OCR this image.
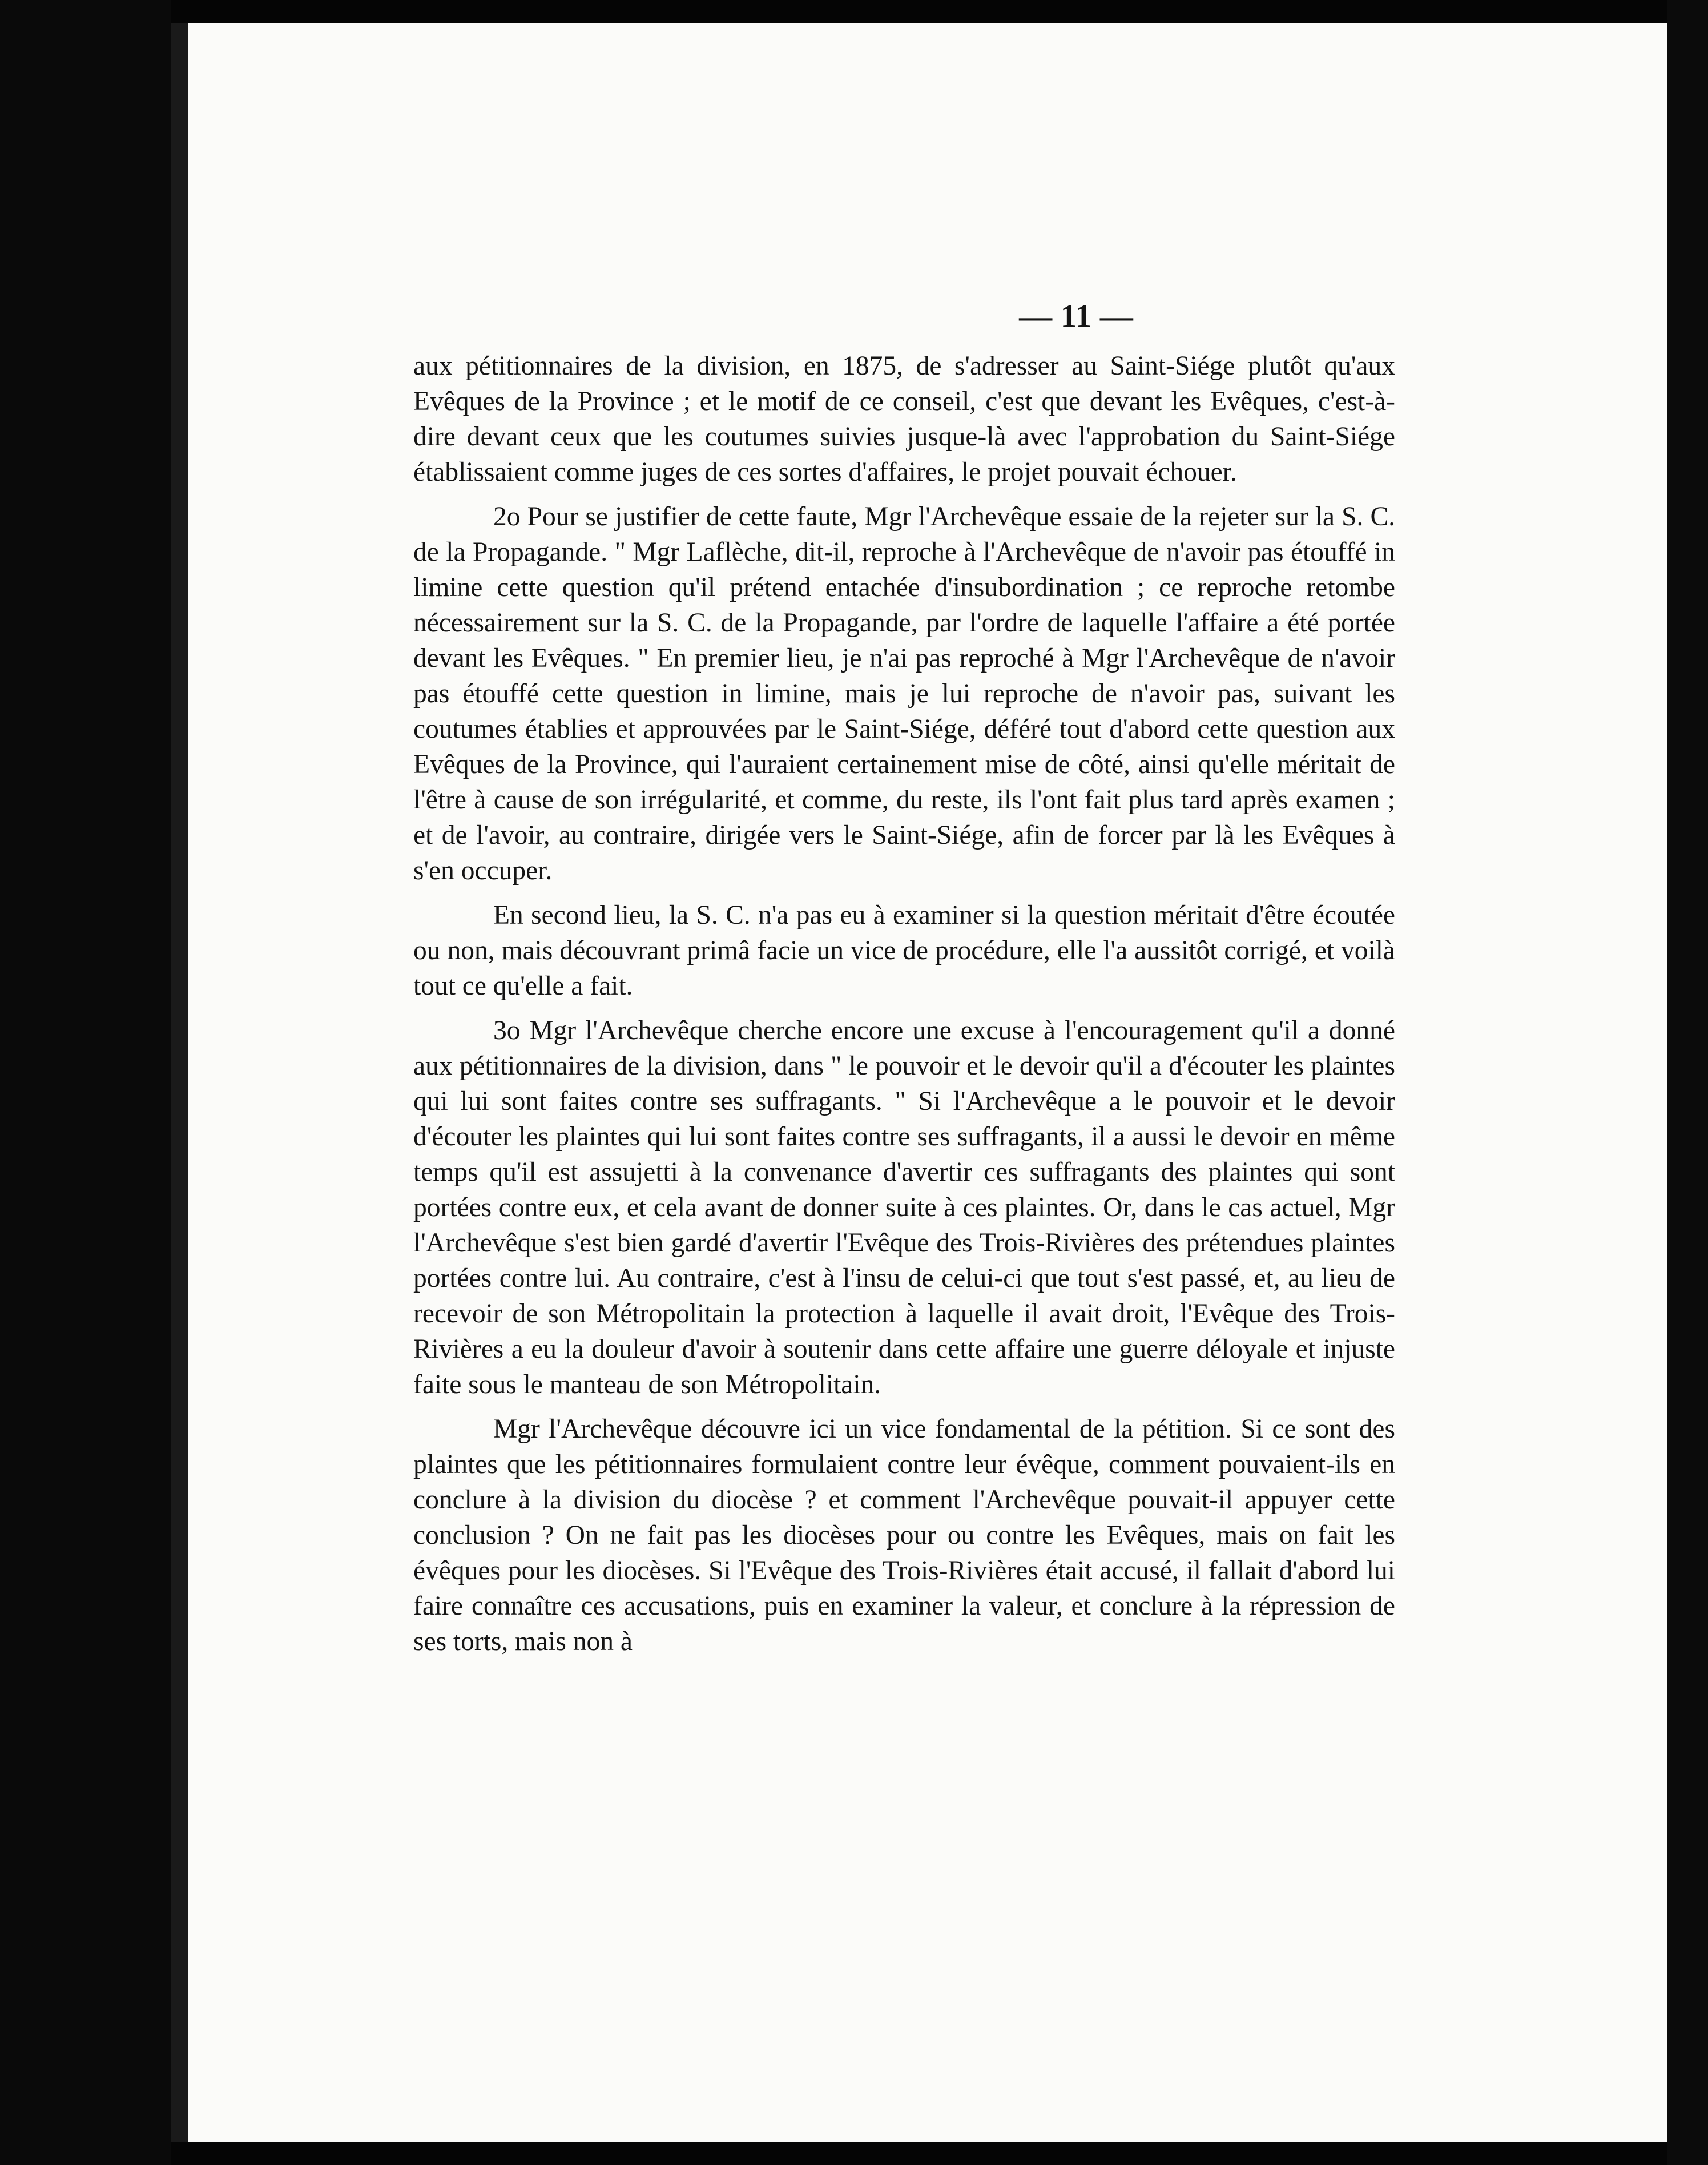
— 11 —

aux pétitionnaires de la division, en 1875, de s'adresser au Saint-Siége plutôt qu'aux Evêques de la Province ; et le motif de ce conseil, c'est que devant les Evêques, c'est-à-dire devant ceux que les coutumes suivies jusque-là avec l'approbation du Saint-Siége établissaient comme juges de ces sortes d'affaires, le projet pouvait échouer.

2o Pour se justifier de cette faute, Mgr l'Archevêque essaie de la rejeter sur la S. C. de la Propagande. " Mgr Laflèche, dit-il, reproche à l'Archevêque de n'avoir pas étouffé in limine cette question qu'il prétend entachée d'insubordination ; ce reproche retombe nécessairement sur la S. C. de la Propagande, par l'ordre de laquelle l'affaire a été portée devant les Evêques. " En premier lieu, je n'ai pas reproché à Mgr l'Archevêque de n'avoir pas étouffé cette question in limine, mais je lui reproche de n'avoir pas, suivant les coutumes établies et approuvées par le Saint-Siége, déféré tout d'abord cette question aux Evêques de la Province, qui l'auraient certainement mise de côté, ainsi qu'elle méritait de l'être à cause de son irrégularité, et comme, du reste, ils l'ont fait plus tard après examen ; et de l'avoir, au contraire, dirigée vers le Saint-Siége, afin de forcer par là les Evêques à s'en occuper.

En second lieu, la S. C. n'a pas eu à examiner si la question méritait d'être écoutée ou non, mais découvrant primâ facie un vice de procédure, elle l'a aussitôt corrigé, et voilà tout ce qu'elle a fait.

3o Mgr l'Archevêque cherche encore une excuse à l'encouragement qu'il a donné aux pétitionnaires de la division, dans " le pouvoir et le devoir qu'il a d'écouter les plaintes qui lui sont faites contre ses suffragants. " Si l'Archevêque a le pouvoir et le devoir d'écouter les plaintes qui lui sont faites contre ses suffragants, il a aussi le devoir en même temps qu'il est assujetti à la convenance d'avertir ces suffragants des plaintes qui sont portées contre eux, et cela avant de donner suite à ces plaintes. Or, dans le cas actuel, Mgr l'Archevêque s'est bien gardé d'avertir l'Evêque des Trois-Rivières des prétendues plaintes portées contre lui. Au contraire, c'est à l'insu de celui-ci que tout s'est passé, et, au lieu de recevoir de son Métropolitain la protection à laquelle il avait droit, l'Evêque des Trois-Rivières a eu la douleur d'avoir à soutenir dans cette affaire une guerre déloyale et injuste faite sous le manteau de son Métropolitain.

Mgr l'Archevêque découvre ici un vice fondamental de la pétition. Si ce sont des plaintes que les pétitionnaires formulaient contre leur évêque, comment pouvaient-ils en conclure à la division du diocèse ? et comment l'Archevêque pouvait-il appuyer cette conclusion ? On ne fait pas les diocèses pour ou contre les Evêques, mais on fait les évêques pour les diocèses. Si l'Evêque des Trois-Rivières était accusé, il fallait d'abord lui faire connaître ces accusations, puis en examiner la valeur, et conclure à la répression de ses torts, mais non à
